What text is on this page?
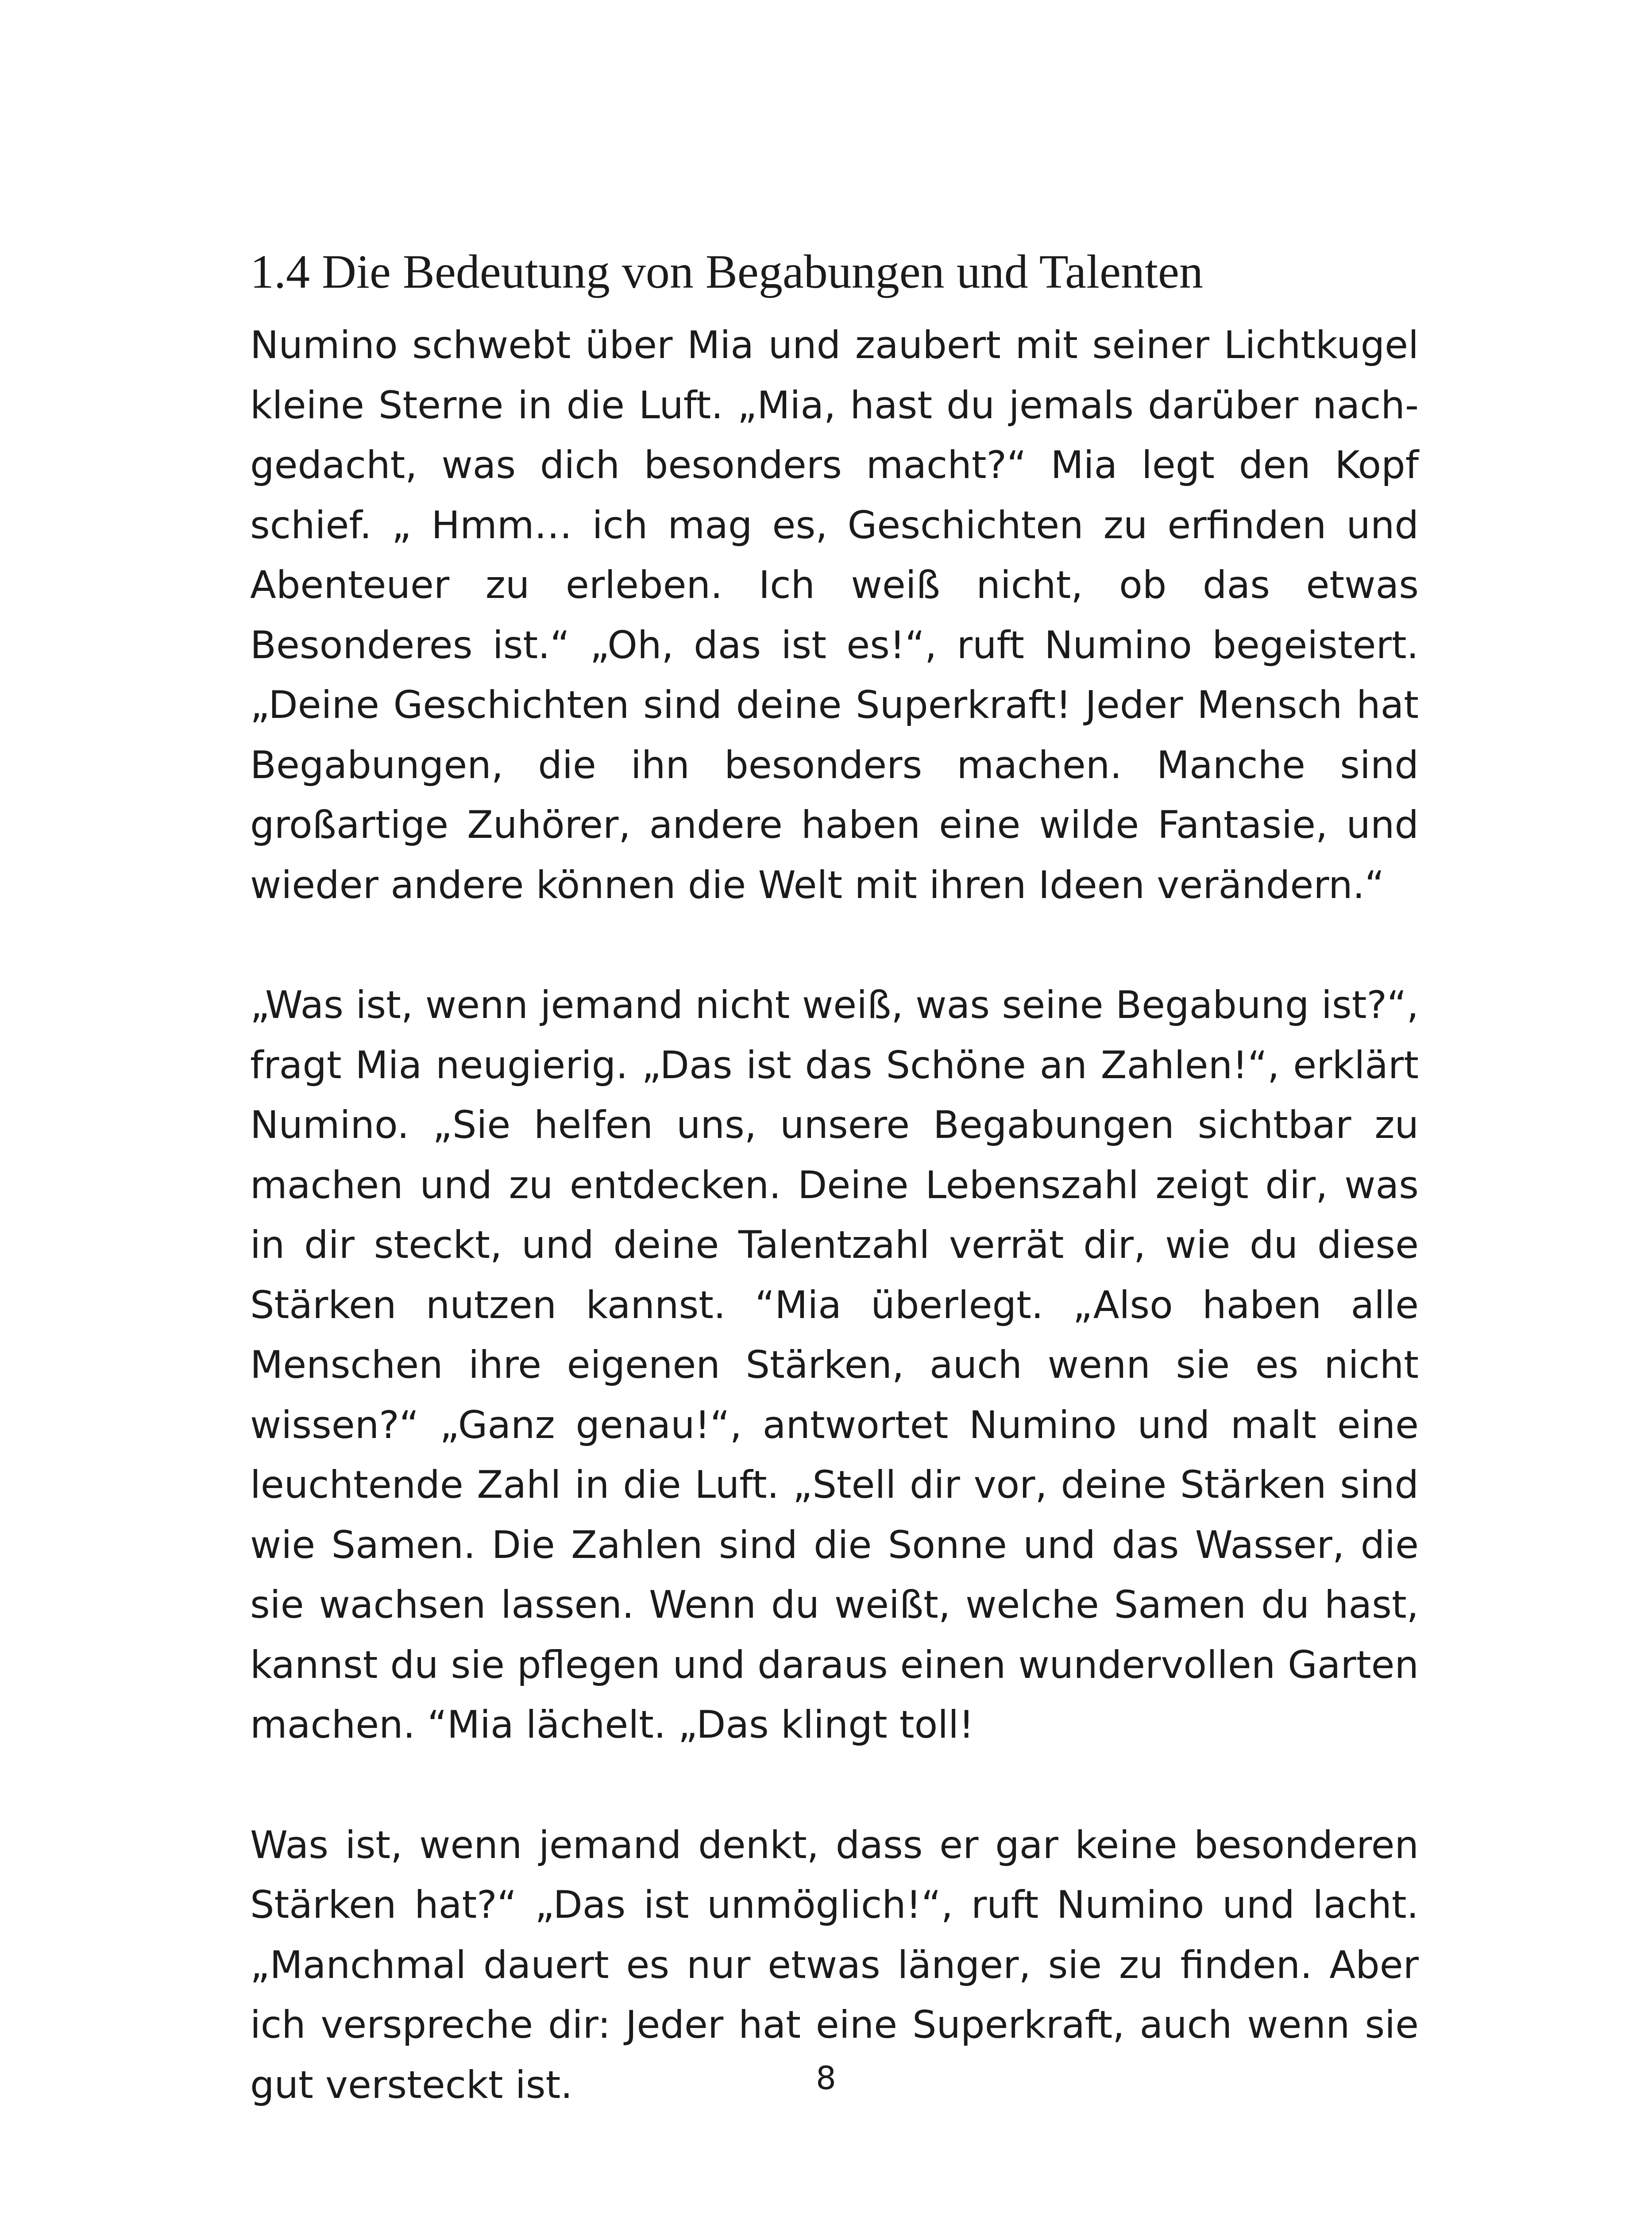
1.4 Die Bedeutung von Begabungen und Talenten

Numino schwebt über Mia und zaubert mit seiner Lichtkugel kleine Sterne in die Luft. „Mia, hast du jemals darüber nachgedacht, was dich besonders macht?“ Mia legt den Kopf schief. „ Hmm… ich mag es, Geschichten zu erfinden und Abenteuer zu erleben. Ich weiß nicht, ob das etwas Besonderes ist.“ „Oh, das ist es!“, ruft Numino begeistert. „Deine Geschichten sind deine Superkraft! Jeder Mensch hat Begabungen, die ihn besonders machen. Manche sind großartige Zuhörer, andere haben eine wilde Fantasie, und wieder andere können die Welt mit ihren Ideen verändern.“

„Was ist, wenn jemand nicht weiß, was seine Begabung ist?“, fragt Mia neugierig. „Das ist das Schöne an Zahlen!“, erklärt Numino. „Sie helfen uns, unsere Begabungen sichtbar zu machen und zu entdecken. Deine Lebenszahl zeigt dir, was in dir steckt, und deine Talentzahl verrät dir, wie du diese Stärken nutzen kannst. “Mia überlegt. „Also haben alle Menschen ihre eigenen Stärken, auch wenn sie es nicht wissen?“ „Ganz genau!“, antwortet Numino und malt eine leuchtende Zahl in die Luft. „Stell dir vor, deine Stärken sind wie Samen. Die Zahlen sind die Sonne und das Wasser, die sie wachsen lassen. Wenn du weißt, welche Samen du hast, kannst du sie pflegen und daraus einen wundervollen Garten machen. “Mia lächelt. „Das klingt toll!

Was ist, wenn jemand denkt, dass er gar keine besonderen Stärken hat?“ „Das ist unmöglich!“, ruft Numino und lacht. „Manchmal dauert es nur etwas länger, sie zu finden. Aber ich verspreche dir: Jeder hat eine Superkraft, auch wenn sie gut versteckt ist.	8
